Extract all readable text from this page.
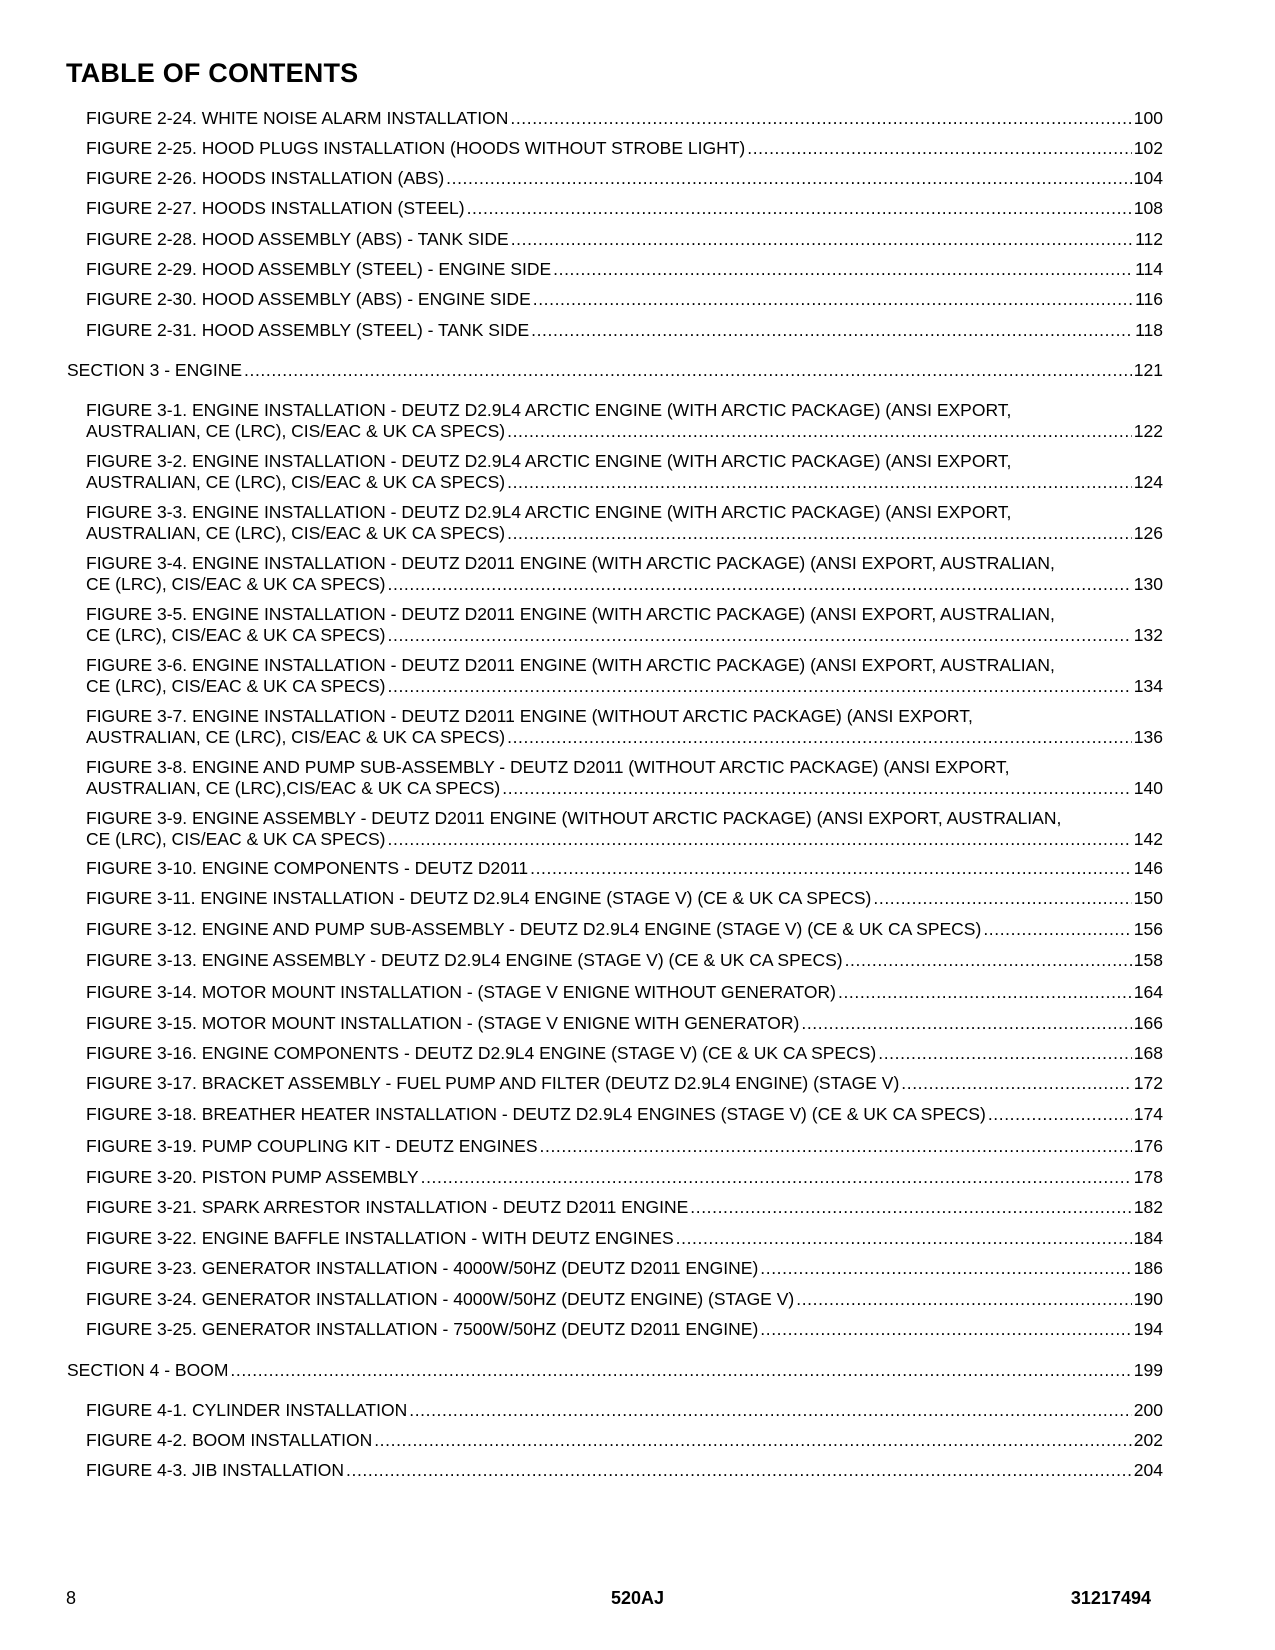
TABLE OF CONTENTS
FIGURE 2-24. WHITE NOISE ALARM INSTALLATION .....	100
FIGURE 2-25. HOOD PLUGS INSTALLATION (HOODS WITHOUT STROBE LIGHT) .....	102
FIGURE 2-26. HOODS INSTALLATION (ABS) .....	104
FIGURE 2-27. HOODS INSTALLATION (STEEL) .....	108
FIGURE 2-28. HOOD ASSEMBLY (ABS) - TANK SIDE .....	112
FIGURE 2-29. HOOD ASSEMBLY (STEEL) - ENGINE SIDE .....	114
FIGURE 2-30. HOOD ASSEMBLY (ABS) - ENGINE SIDE .....	116
FIGURE 2-31. HOOD ASSEMBLY (STEEL) - TANK SIDE .....	118
SECTION 3 - ENGINE .....	121
FIGURE 3-1. ENGINE INSTALLATION - DEUTZ D2.9L4 ARCTIC ENGINE (WITH ARCTIC PACKAGE) (ANSI EXPORT,
AUSTRALIAN, CE (LRC), CIS/EAC & UK CA SPECS) .....	122
FIGURE 3-2. ENGINE INSTALLATION - DEUTZ D2.9L4 ARCTIC ENGINE (WITH ARCTIC PACKAGE) (ANSI EXPORT,
AUSTRALIAN, CE (LRC), CIS/EAC & UK CA SPECS) .....	124
FIGURE 3-3. ENGINE INSTALLATION - DEUTZ D2.9L4 ARCTIC ENGINE (WITH ARCTIC PACKAGE) (ANSI EXPORT,
AUSTRALIAN, CE (LRC), CIS/EAC & UK CA SPECS) .....	126
FIGURE 3-4. ENGINE INSTALLATION - DEUTZ D2011 ENGINE (WITH ARCTIC PACKAGE) (ANSI EXPORT, AUSTRALIAN,
CE (LRC), CIS/EAC & UK CA SPECS) .....	130
FIGURE 3-5. ENGINE INSTALLATION - DEUTZ D2011 ENGINE (WITH ARCTIC PACKAGE) (ANSI EXPORT, AUSTRALIAN,
CE (LRC), CIS/EAC & UK CA SPECS) .....	132
FIGURE 3-6. ENGINE INSTALLATION - DEUTZ D2011 ENGINE (WITH ARCTIC PACKAGE) (ANSI EXPORT, AUSTRALIAN,
CE (LRC), CIS/EAC & UK CA SPECS) .....	134
FIGURE 3-7. ENGINE INSTALLATION - DEUTZ D2011 ENGINE (WITHOUT ARCTIC PACKAGE) (ANSI EXPORT,
AUSTRALIAN, CE (LRC), CIS/EAC & UK CA SPECS) .....	136
FIGURE 3-8. ENGINE AND PUMP SUB-ASSEMBLY - DEUTZ D2011 (WITHOUT ARCTIC PACKAGE) (ANSI EXPORT,
AUSTRALIAN, CE (LRC),CIS/EAC & UK CA SPECS) .....	140
FIGURE 3-9. ENGINE ASSEMBLY - DEUTZ D2011 ENGINE (WITHOUT ARCTIC PACKAGE) (ANSI EXPORT, AUSTRALIAN,
CE (LRC), CIS/EAC & UK CA SPECS) .....	142
FIGURE 3-10. ENGINE COMPONENTS - DEUTZ D2011 .....	146
FIGURE 3-11. ENGINE INSTALLATION - DEUTZ D2.9L4 ENGINE (STAGE V) (CE & UK CA SPECS) .....	150
FIGURE 3-12. ENGINE AND PUMP SUB-ASSEMBLY - DEUTZ D2.9L4 ENGINE (STAGE V) (CE & UK CA SPECS) .....	156
FIGURE 3-13. ENGINE ASSEMBLY - DEUTZ D2.9L4 ENGINE (STAGE V) (CE & UK CA SPECS) .....	158
FIGURE 3-14. MOTOR MOUNT INSTALLATION - (STAGE V ENIGNE WITHOUT GENERATOR) .....	164
FIGURE 3-15. MOTOR MOUNT INSTALLATION - (STAGE V ENIGNE WITH GENERATOR) .....	166
FIGURE 3-16. ENGINE COMPONENTS - DEUTZ D2.9L4 ENGINE (STAGE V) (CE & UK CA SPECS) .....	168
FIGURE 3-17. BRACKET ASSEMBLY - FUEL PUMP AND FILTER (DEUTZ D2.9L4 ENGINE) (STAGE V) .....	172
FIGURE 3-18. BREATHER HEATER INSTALLATION - DEUTZ D2.9L4 ENGINES (STAGE V) (CE & UK CA SPECS) .....	174
FIGURE 3-19. PUMP COUPLING KIT - DEUTZ ENGINES .....	176
FIGURE 3-20. PISTON PUMP ASSEMBLY .....	178
FIGURE 3-21. SPARK ARRESTOR INSTALLATION - DEUTZ D2011 ENGINE .....	182
FIGURE 3-22. ENGINE BAFFLE INSTALLATION - WITH DEUTZ ENGINES .....	184
FIGURE 3-23. GENERATOR INSTALLATION - 4000W/50HZ (DEUTZ D2011 ENGINE) .....	186
FIGURE 3-24. GENERATOR INSTALLATION - 4000W/50HZ (DEUTZ ENGINE) (STAGE V) .....	190
FIGURE 3-25. GENERATOR INSTALLATION - 7500W/50HZ (DEUTZ D2011 ENGINE) .....	194
SECTION 4 - BOOM .....	199
FIGURE 4-1. CYLINDER INSTALLATION .....	200
FIGURE 4-2. BOOM INSTALLATION .....	202
FIGURE 4-3. JIB INSTALLATION .....	204
8	520AJ	31217494
